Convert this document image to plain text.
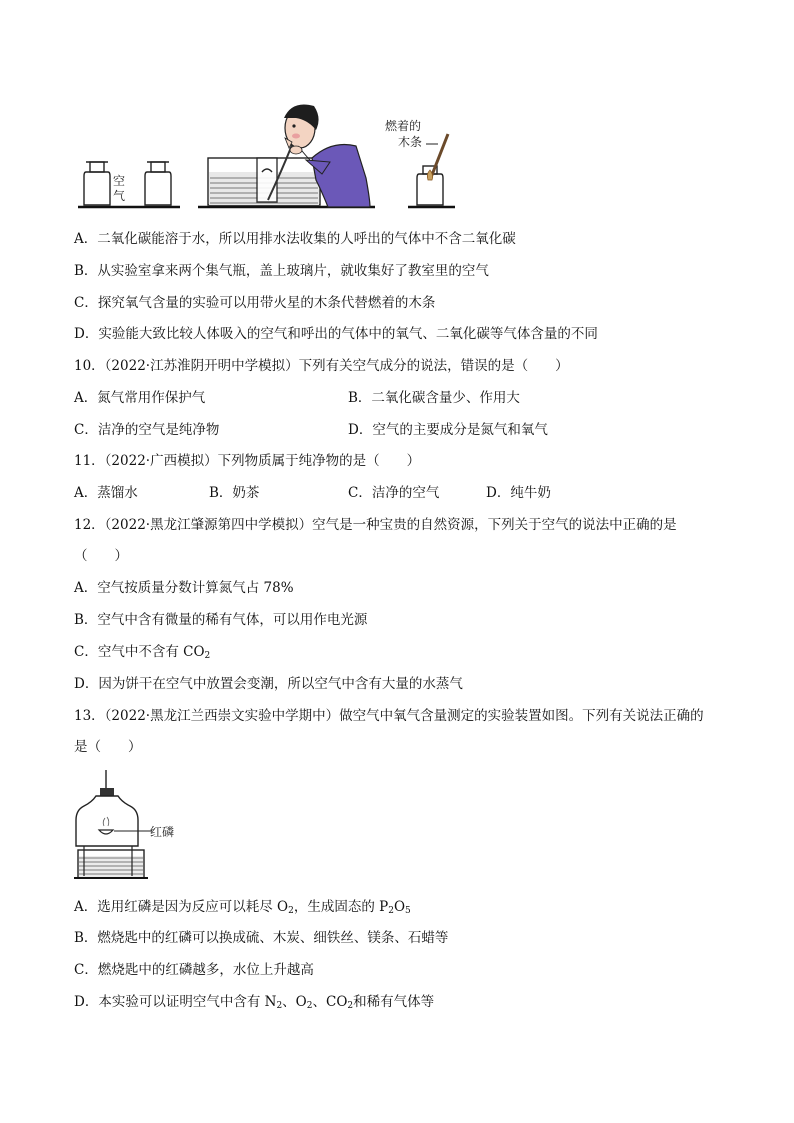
空
气
燃着的
木条
A．二氧化碳能溶于水，所以用排水法收集的人呼出的气体中不含二氧化碳
B．从实验室拿来两个集气瓶，盖上玻璃片，就收集好了教室里的空气
C．探究氧气含量的实验可以用带火星的木条代替燃着的木条
D．实验能大致比较人体吸入的空气和呼出的气体中的氧气、二氧化碳等气体含量的不同
10．（2022·江苏淮阴开明中学模拟）下列有关空气成分的说法，错误的是（　　）
A．氮气常用作保护气	B．二氧化碳含量少、作用大
C．洁净的空气是纯净物	D．空气的主要成分是氮气和氧气
11．（2022·广西模拟）下列物质属于纯净物的是（　　）
A．蒸馏水	B．奶茶	C．洁净的空气	D．纯牛奶
12．（2022·黑龙江肇源第四中学模拟）空气是一种宝贵的自然资源，下列关于空气的说法中正确的是
（　　）
A．空气按质量分数计算氮气占 78%
B．空气中含有微量的稀有气体，可以用作电光源
C．空气中不含有 $CO_2$
D．因为饼干在空气中放置会变潮，所以空气中含有大量的水蒸气
13．（2022·黑龙江兰西崇文实验中学期中）做空气中氧气含量测定的实验装置如图。下列有关说法正确的
是（　　）
红磷
A．选用红磷是因为反应可以耗尽 $O_2$，生成固态的 $P_2O_5$
B．燃烧匙中的红磷可以换成硫、木炭、细铁丝、镁条、石蜡等
C．燃烧匙中的红磷越多，水位上升越高
D．本实验可以证明空气中含有 $N_2$、$O_2$、$CO_2$和稀有气体等
